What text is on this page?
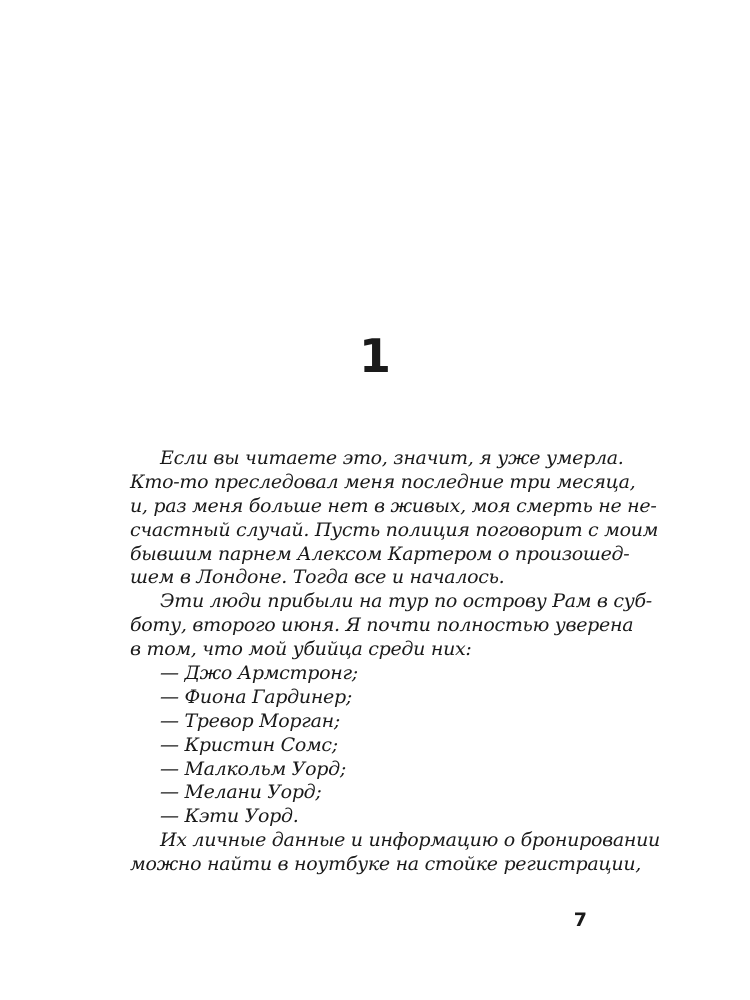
1
Если вы читаете это, значит, я уже умерла.
Кто-то преследовал меня последние три месяца,
и, раз меня больше нет в живых, моя смерть не не-
счастный случай. Пусть полиция поговорит с моим
бывшим парнем Алексом Картером о произошед-
шем в Лондоне. Тогда все и началось.
Эти люди прибыли на тур по острову Рам в суб-
боту, второго июня. Я почти полностью уверена
в том, что мой убийца среди них:
— Джо Армстронг;
— Фиона Гардинер;
— Тревор Морган;
— Кристин Сомс;
— Малкольм Уорд;
— Мелани Уорд;
— Кэти Уорд.
Их личные данные и информацию о бронировании
можно найти в ноутбуке на стойке регистрации,
7
